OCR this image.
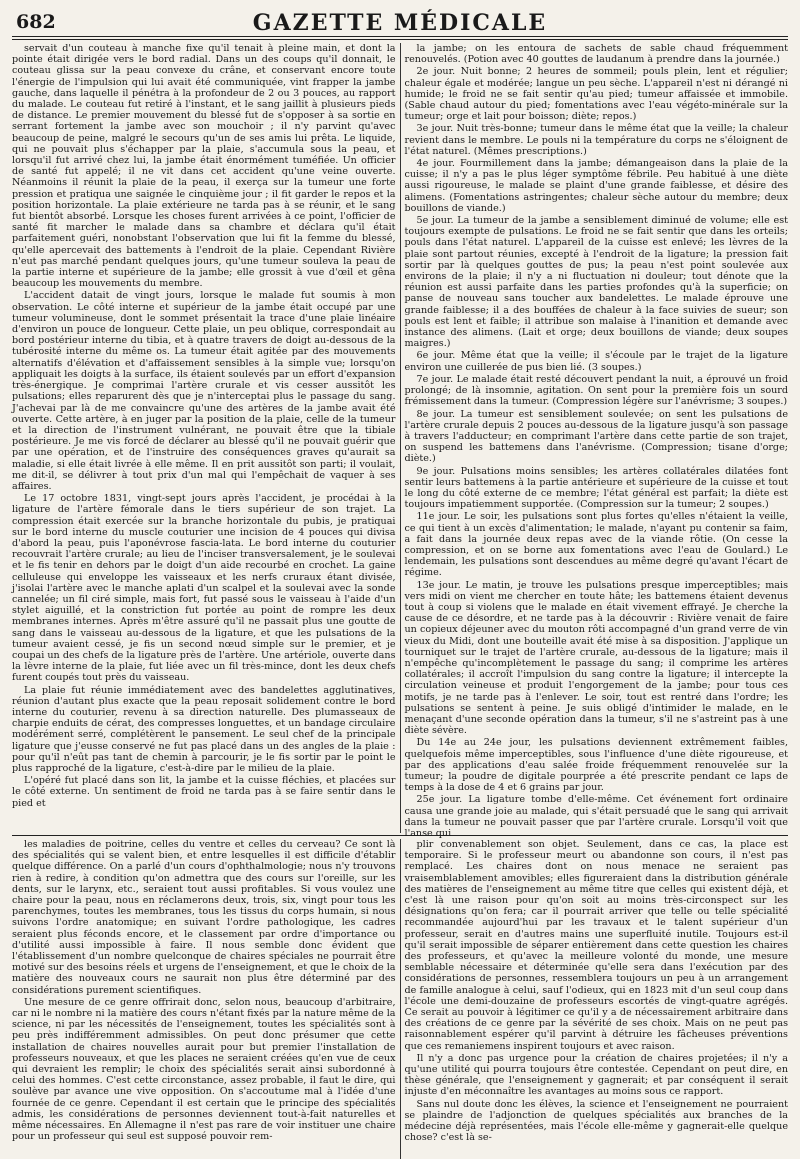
682	GAZETTE MÉDICALE

servait d'un couteau à manche fixe qu'il tenait à pleine main, et dont la pointe était dirigée vers le bord radial. Dans un des coups qu'il donnait, le couteau glissa sur la peau convexe du crâne, et conservant encore toute l'énergie de l'impulsion qui lui avait été communiquée, vint frapper la jambe gauche, dans laquelle il pénétra à la profondeur de 2 ou 3 pouces, au rapport du malade. Le couteau fut retiré à l'instant, et le sang jaillit à plusieurs pieds de distance. Le premier mouvement du blessé fut de s'opposer à sa sortie en serrant fortement la jambe avec son mouchoir ; il n'y parvint qu'avec beaucoup de peine, malgré le secours qu'un de ses amis lui prêta. Le liquide, qui ne pouvait plus s'échapper par la plaie, s'accumula sous la peau, et lorsqu'il fut arrivé chez lui, la jambe était énormément tuméfiée. Un officier de santé fut appelé; il ne vit dans cet accident qu'une veine ouverte. Néanmoins il réunit la plaie de la peau, il exerça sur la tumeur une forte pression et pratiqua une saignée le cinquième jour ; il fit garder le repos et la position horizontale. La plaie extérieure ne tarda pas à se réunir, et le sang fut bientôt absorbé. Lorsque les choses furent arrivées à ce point, l'officier de santé fit marcher le malade dans sa chambre et déclara qu'il était parfaitement guéri, nonobstant l'observation que lui fit la femme du blessé, qu'elle apercevait des battements à l'endroit de la plaie. Cependant Rivière n'eut pas marché pendant quelques jours, qu'une tumeur souleva la peau de la partie interne et supérieure de la jambe; elle grossit à vue d'œil et gêna beaucoup les mouvements du membre.

L'accident datait de vingt jours, lorsque le malade fut soumis à mon observation. Le côté interne et supérieur de la jambe était occupé par une tumeur volumineuse, dont le sommet présentait la trace d'une plaie linéaire d'environ un pouce de longueur. Cette plaie, un peu oblique, correspondait au bord postérieur interne du tibia, et à quatre travers de doigt au-dessous de la tubérosité interne du même os. La tumeur était agitée par des mouvements alternatifs d'élévation et d'affaissement sensibles à la simple vue; lorsqu'on appliquait les doigts à la surface, ils étaient soulevés par un effort d'expansion très-énergique. Je comprimai l'artère crurale et vis cesser aussitôt les pulsations; elles reparurent dès que je n'interceptai plus le passage du sang. J'achevai par là de me convaincre qu'une des artères de la jambe avait été ouverte. Cette artère, à en juger par la position de la plaie, celle de la tumeur et la direction de l'instrument vulnérant, ne pouvait être que la tibiale postérieure. Je me vis forcé de déclarer au blessé qu'il ne pouvait guérir que par une opération, et de l'instruire des conséquences graves qu'aurait sa maladie, si elle était livrée à elle même. Il en prit aussitôt son parti; il voulait, me dit-il, se délivrer à tout prix d'un mal qui l'empêchait de vaquer à ses affaires.

Le 17 octobre 1831, vingt-sept jours après l'accident, je procédai à la ligature de l'artère fémorale dans le tiers supérieur de son trajet. La compression était exercée sur la branche horizontale du pubis, je pratiquai sur le bord interne du muscle couturier une incision de 4 pouces qui divisa d'abord la peau, puis l'aponévrose fascia-lata. Le bord interne du couturier recouvrait l'artère crurale; au lieu de l'inciser transversalement, je le soulevai et le fis tenir en dehors par le doigt d'un aide recourbé en crochet. La gaine celluleuse qui enveloppe les vaisseaux et les nerfs cruraux étant divisée, j'isolai l'artère avec le manche aplati d'un scalpel et la soulevai avec la sonde cannelée; un fil ciré simple, mais fort, fut passé sous le vaisseau à l'aide d'un stylet aiguillé, et la constriction fut portée au point de rompre les deux membranes internes. Après m'être assuré qu'il ne passait plus une goutte de sang dans le vaisseau au-dessous de la ligature, et que les pulsations de la tumeur avaient cessé, je fis un second nœud simple sur le premier, et je coupai un des chefs de la ligature près de l'artère. Une artériole, ouverte dans la lèvre interne de la plaie, fut liée avec un fil très-mince, dont les deux chefs furent coupés tout près du vaisseau.

La plaie fut réunie immédiatement avec des bandelettes agglutinatives, réunion d'autant plus exacte que la peau reposait solidement contre le bord interne du couturier, revenu à sa direction naturelle. Des plumasseaux de charpie enduits de cérat, des compresses longuettes, et un bandage circulaire modérément serré, complétèrent le pansement. Le seul chef de la principale ligature que j'eusse conservé ne fut pas placé dans un des angles de la plaie : pour qu'il n'eût pas tant de chemin à parcourir, je le fis sortir par le point le plus rapproché de la ligature, c'est-à-dire par le milieu de la plaie.

L'opéré fut placé dans son lit, la jambe et la cuisse fléchies, et placées sur le côté externe. Un sentiment de froid ne tarda pas à se faire sentir dans le pied et

la jambe; on les entoura de sachets de sable chaud fréquemment renouvelés. (Potion avec 40 gouttes de laudanum à prendre dans la journée.)

2e jour. Nuit bonne; 2 heures de sommeil; pouls plein, lent et régulier; chaleur égale et modérée; langue un peu sèche. L'appareil n'est ni dérangé ni humide; le froid ne se fait sentir qu'au pied; tumeur affaissée et immobile. (Sable chaud autour du pied; fomentations avec l'eau végéto-minérale sur la tumeur; orge et lait pour boisson; diète; repos.)

3e jour. Nuit très-bonne; tumeur dans le même état que la veille; la chaleur revient dans le membre. Le pouls ni la température du corps ne s'éloignent de l'état naturel. (Mêmes prescriptions.)

4e jour. Fourmillement dans la jambe; démangeaison dans la plaie de la cuisse; il n'y a pas le plus léger symptôme fébrile. Peu habitué à une diète aussi rigoureuse, le malade se plaint d'une grande faiblesse, et désire des alimens. (Fomentations astringentes; chaleur sèche autour du membre; deux bouillons de viande.)

5e jour. La tumeur de la jambe a sensiblement diminué de volume; elle est toujours exempte de pulsations. Le froid ne se fait sentir que dans les orteils; pouls dans l'état naturel. L'appareil de la cuisse est enlevé; les lèvres de la plaie sont partout réunies, excepté à l'endroit de la ligature; la pression fait sortir par là quelques gouttes de pus; la peau n'est point soulevée aux environs de la plaie; il n'y a ni fluctuation ni douleur; tout dénote que la réunion est aussi parfaite dans les parties profondes qu'à la superficie; on panse de nouveau sans toucher aux bandelettes. Le malade éprouve une grande faiblesse; il a des bouffées de chaleur à la face suivies de sueur; son pouls est lent et faible; il attribue son malaise à l'inanition et demande avec instance des alimens. (Lait et orge; deux bouillons de viande; deux soupes maigres.)

6e jour. Même état que la veille; il s'écoule par le trajet de la ligature environ une cuillerée de pus bien lié. (3 soupes.)

7e jour. Le malade était resté découvert pendant la nuit, a éprouvé un froid prolongé; de là insomnie, agitation. On sent pour la première fois un sourd frémissement dans la tumeur. (Compression légère sur l'anévrisme; 3 soupes.)

8e jour. La tumeur est sensiblement soulevée; on sent les pulsations de l'artère crurale depuis 2 pouces au-dessous de la ligature jusqu'à son passage à travers l'adducteur; en comprimant l'artère dans cette partie de son trajet, on suspend les battemens dans l'anévrisme. (Compression; tisane d'orge; diète.)

9e jour. Pulsations moins sensibles; les artères collatérales dilatées font sentir leurs battemens à la partie antérieure et supérieure de la cuisse et tout le long du côté externe de ce membre; l'état général est parfait; la diète est toujours impatiemment supportée. (Compression sur la tumeur; 2 soupes.)

11e jour. Le soir, les pulsations sont plus fortes qu'elles n'étaient la veille, ce qui tient à un excès d'alimentation; le malade, n'ayant pu contenir sa faim, a fait dans la journée deux repas avec de la viande rôtie. (On cesse la compression, et on se borne aux fomentations avec l'eau de Goulard.) Le lendemain, les pulsations sont descendues au même degré qu'avant l'écart de régime.

13e jour. Le matin, je trouve les pulsations presque imperceptibles; mais vers midi on vient me chercher en toute hâte; les battemens étaient devenus tout à coup si violens que le malade en était vivement effrayé. Je cherche la cause de ce désordre, et ne tarde pas à la découvrir : Rivière venait de faire un copieux déjeuner avec du mouton rôti accompagné d'un grand verre de vin vieux du Midi, dont une bouteille avait été mise à sa disposition. J'applique un tourniquet sur le trajet de l'artère crurale, au-dessous de la ligature; mais il n'empêche qu'incomplètement le passage du sang; il comprime les artères collatérales; il accroît l'impulsion du sang contre la ligature; il intercepte la circulation veineuse et produit l'engorgement de la jambe; pour tous ces motifs, je ne tarde pas à l'enlever. Le soir, tout est rentré dans l'ordre; les pulsations se sentent à peine. Je suis obligé d'intimider le malade, en le menaçant d'une seconde opération dans la tumeur, s'il ne s'astreint pas à une diète sévère.

Du 14e au 24e jour, les pulsations deviennent extrêmement faibles, quelquefois même imperceptibles, sous l'influence d'une diète rigoureuse, et par des applications d'eau salée froide fréquemment renouvelée sur la tumeur; la poudre de digitale pourprée a été prescrite pendant ce laps de temps à la dose de 4 et 6 grains par jour.

25e jour. La ligature tombe d'elle-même. Cet événement fort ordinaire causa une grande joie au malade, qui s'était persuadé que le sang qui arrivait dans la tumeur ne pouvait passer que par l'artère crurale. Lorsqu'il voit que l'anse qui

les maladies de poitrine, celles du ventre et celles du cerveau? Ce sont là des spécialités qui se valent bien, et entre lesquelles il est difficile d'établir quelque différence. On a parlé d'un cours d'ophthalmologie; nous n'y trouvons rien à redire, à condition qu'on admettra que des cours sur l'oreille, sur les dents, sur le larynx, etc., seraient tout aussi profitables. Si vous voulez une chaire pour la peau, nous en réclamerons deux, trois, six, vingt pour tous les parenchymes, toutes les membranes, tous les tissus du corps humain, si nous suivons l'ordre anatomique; en suivant l'ordre pathologique, les cadres seraient plus féconds encore, et le classement par ordre d'importance ou d'utilité aussi impossible à faire. Il nous semble donc évident que l'établissement d'un nombre quelconque de chaires spéciales ne pourrait être motivé sur des besoins réels et urgens de l'enseignement, et que le choix de la matière des nouveaux cours ne saurait non plus être déterminé par des considérations purement scientifiques.

Une mesure de ce genre offrirait donc, selon nous, beaucoup d'arbitraire, car ni le nombre ni la matière des cours n'étant fixés par la nature même de la science, ni par les nécessités de l'enseignement, toutes les spécialités sont à peu près indifféremment admissibles. On peut donc présumer que cette installation de chaires nouvelles aurait pour but premier l'installation de professeurs nouveaux, et que les places ne seraient créées qu'en vue de ceux qui devraient les remplir; le choix des spécialités serait ainsi subordonné à celui des hommes. C'est cette circonstance, assez probable, il faut le dire, qui soulève par avance une vive opposition. On s'accoutume mal à l'idée d'une fournée de ce genre. Cependant il est certain que le principe des spécialités admis, les considérations de personnes deviennent tout-à-fait naturelles et même nécessaires. En Allemagne il n'est pas rare de voir instituer une chaire pour un professeur qui seul est supposé pouvoir rem-

plir convenablement son objet. Seulement, dans ce cas, la place est temporaire. Si le professeur meurt ou abandonne son cours, il n'est pas remplacé. Les chaires dont on nous menace ne seraient pas vraisemblablement amovibles; elles figureraient dans la distribution générale des matières de l'enseignement au même titre que celles qui existent déjà, et c'est là une raison pour qu'on soit au moins très-circonspect sur les désignations qu'on fera; car il pourrait arriver que telle ou telle spécialité recommandée aujourd'hui par les travaux et le talent supérieur d'un professeur, serait en d'autres mains une superfluité inutile. Toujours est-il qu'il serait impossible de séparer entièrement dans cette question les chaires des professeurs, et qu'avec la meilleure volonté du monde, une mesure semblable nécessaire et déterminée qu'elle sera dans l'exécution par des considérations de personnes, ressemblera toujours un peu à un arrangement de famille analogue à celui, sauf l'odieux, qui en 1823 mit d'un seul coup dans l'école une demi-douzaine de professeurs escortés de vingt-quatre agrégés. Ce serait au pouvoir à légitimer ce qu'il y a de nécessairement arbitraire dans des créations de ce genre par la sévérité de ses choix. Mais on ne peut pas raisonnablement espérer qu'il parvint à détruire les fâcheuses préventions que ces remaniemens inspirent toujours et avec raison.

Il n'y a donc pas urgence pour la création de chaires projetées; il n'y a qu'une utilité qui pourra toujours être contestée. Cependant on peut dire, en thèse générale, que l'enseignement y gagnerait; et par conséquent il serait injuste d'en méconnaître les avantages au moins sous ce rapport.

Sans nul doute donc les élèves, la science et l'enseignement ne pourraient se plaindre de l'adjonction de quelques spécialités aux branches de la médecine déjà représentées, mais l'école elle-même y gagnerait-elle quelque chose? c'est là se-
